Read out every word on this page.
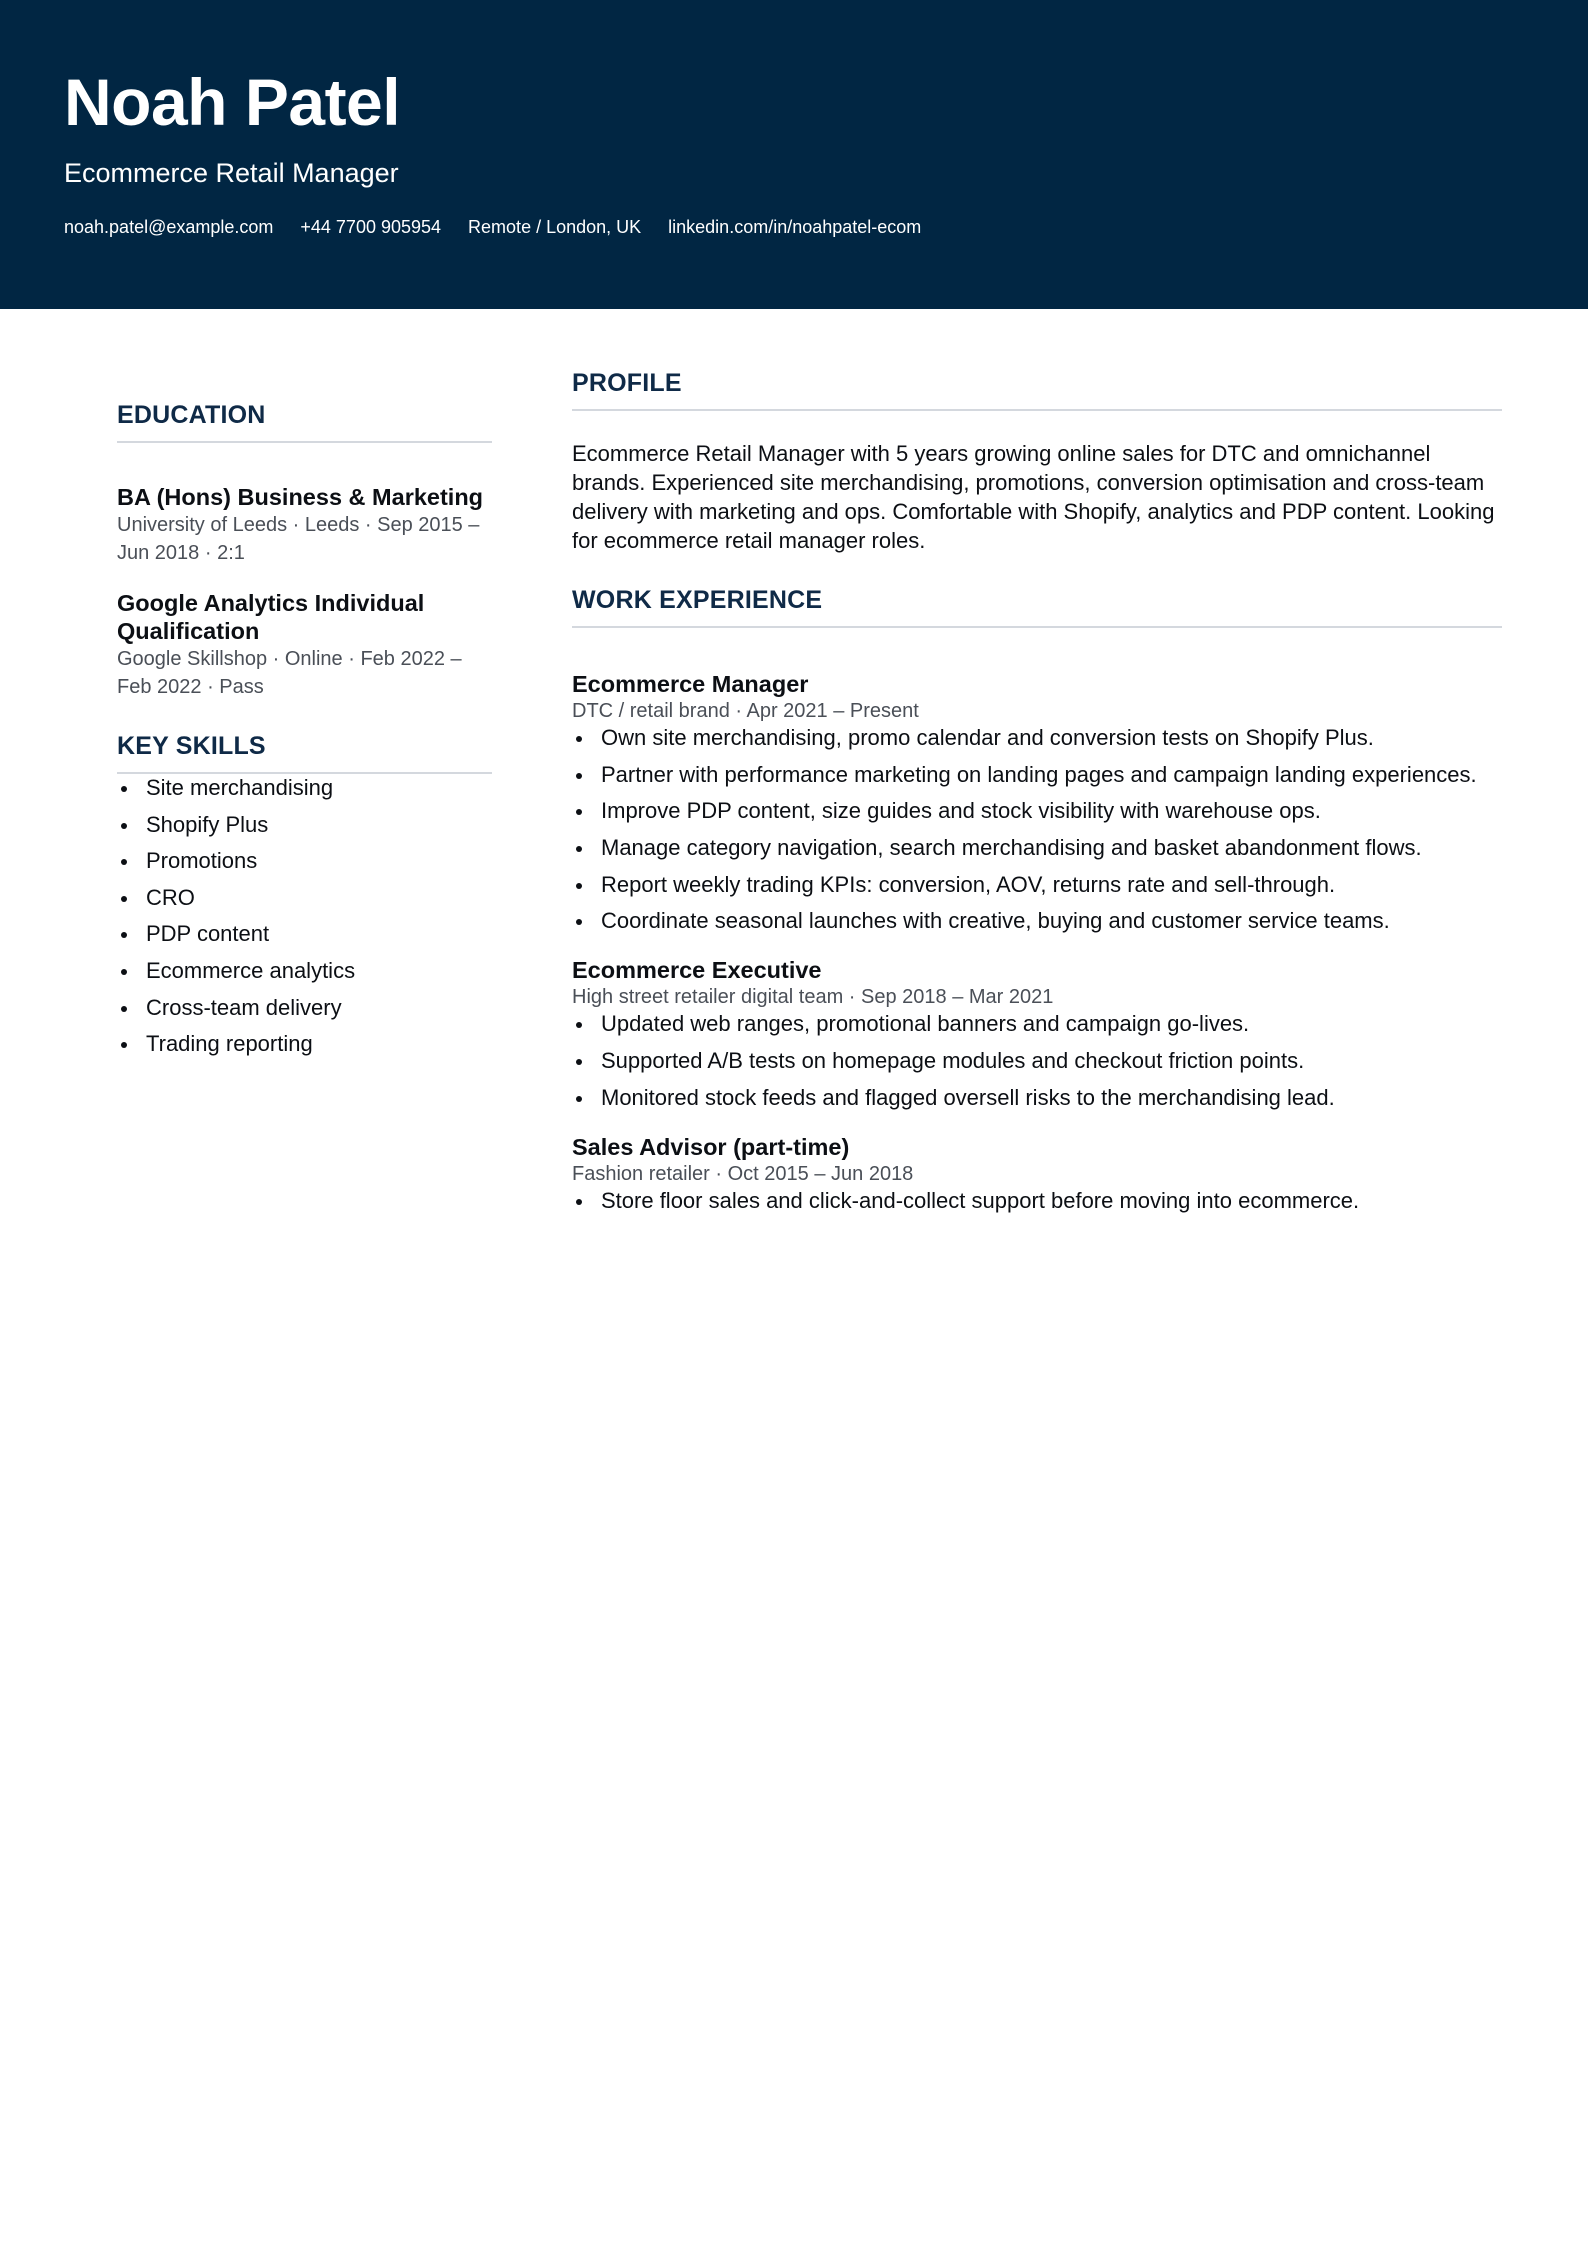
Noah Patel

Ecommerce Retail Manager

noah.patel@example.com +44 7700 905954 Remote / London, UK linkedin.com/in/noahpatel-ecom
EDUCATION
BA (Hons) Business & Marketing
University of Leeds · Leeds · Sep 2015 – Jun 2018 · 2:1
Google Analytics Individual Qualification
Google Skillshop · Online · Feb 2022 – Feb 2022 · Pass
KEY SKILLS
Site merchandising
Shopify Plus
Promotions
CRO
PDP content
Ecommerce analytics
Cross-team delivery
Trading reporting
PROFILE

Ecommerce Retail Manager with 5 years growing online sales for DTC and omnichannel brands. Experienced site merchandising, promotions, conversion optimisation and cross-team delivery with marketing and ops. Comfortable with Shopify, analytics and PDP content. Looking for ecommerce retail manager roles.

WORK EXPERIENCE
Ecommerce Manager
DTC / retail brand · Apr 2021 – Present
Own site merchandising, promo calendar and conversion tests on Shopify Plus.
Partner with performance marketing on landing pages and campaign landing experiences.
Improve PDP content, size guides and stock visibility with warehouse ops.
Manage category navigation, search merchandising and basket abandonment flows.
Report weekly trading KPIs: conversion, AOV, returns rate and sell-through.
Coordinate seasonal launches with creative, buying and customer service teams.
Ecommerce Executive
High street retailer digital team · Sep 2018 – Mar 2021
Updated web ranges, promotional banners and campaign go-lives.
Supported A/B tests on homepage modules and checkout friction points.
Monitored stock feeds and flagged oversell risks to the merchandising lead.
Sales Advisor (part-time)
Fashion retailer · Oct 2015 – Jun 2018
Store floor sales and click-and-collect support before moving into ecommerce.
